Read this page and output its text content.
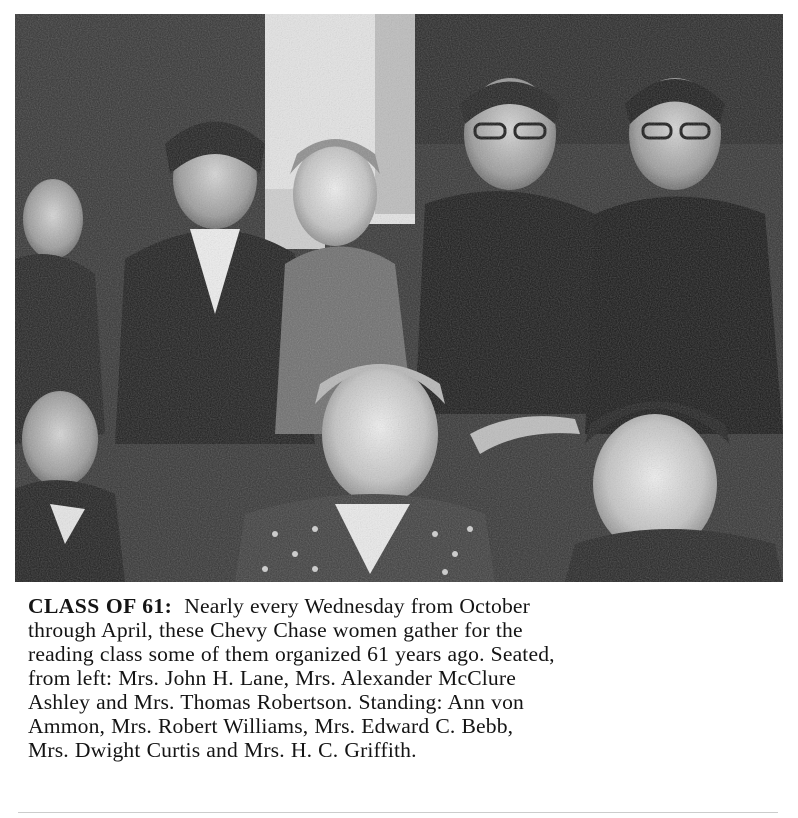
CLASS OF 61: Nearly every Wednesday from October
through April, these Chevy Chase women gather for the
reading class some of them organized 61 years ago. Seated,
from left: Mrs. John H. Lane, Mrs. Alexander McClure
Ashley and Mrs. Thomas Robertson. Standing: Ann von
Ammon, Mrs. Robert Williams, Mrs. Edward C. Bebb,
Mrs. Dwight Curtis and Mrs. H. C. Griffith.
